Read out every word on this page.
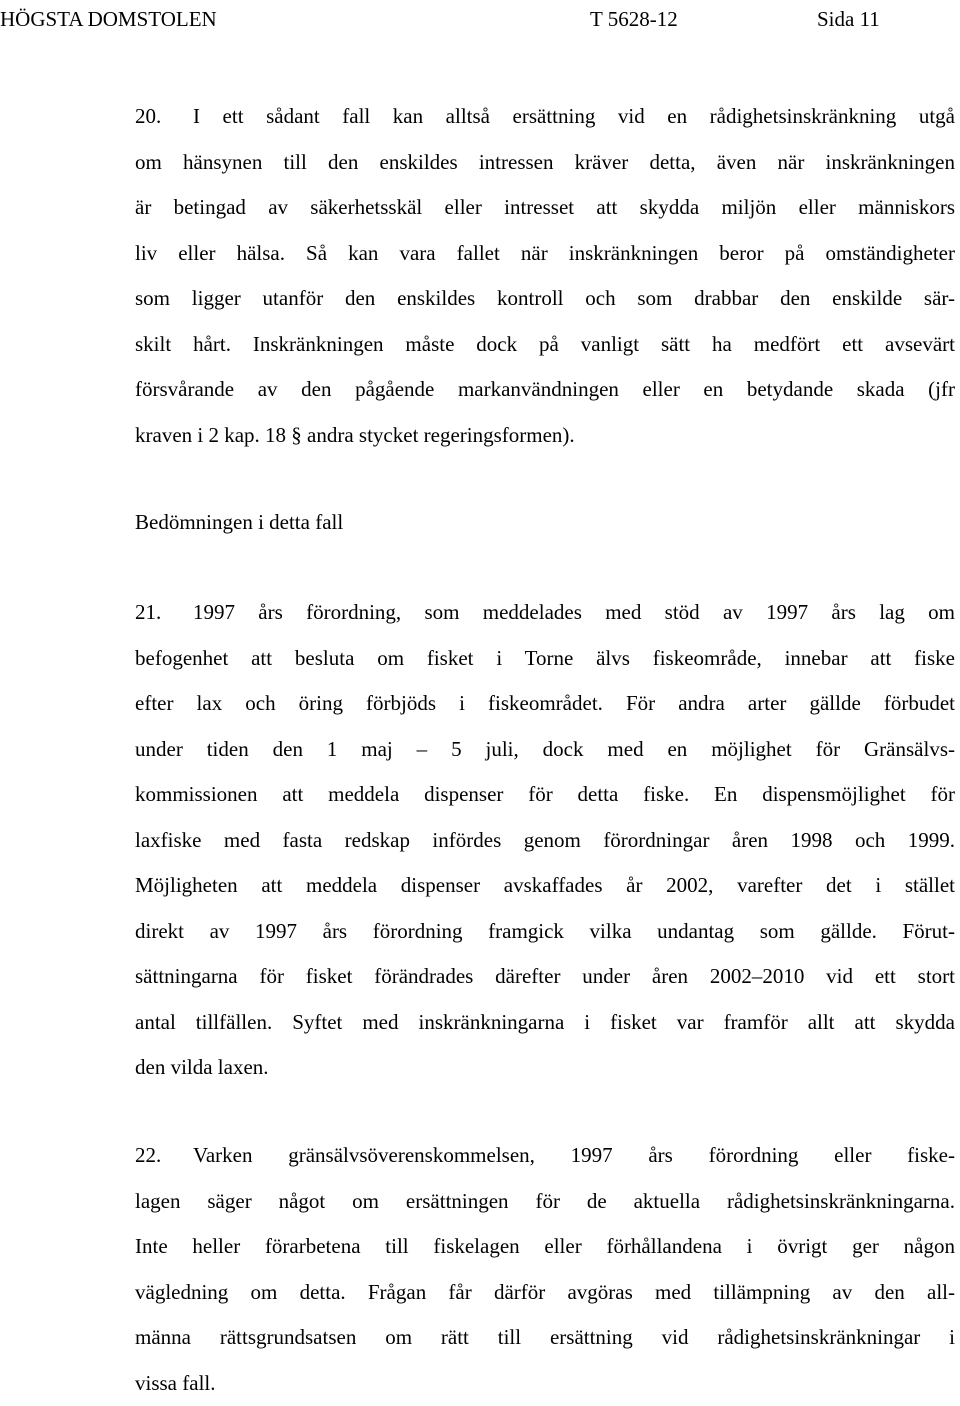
HÖGSTA DOMSTOLEN	T 5628-12	Sida 11
20. I ett sådant fall kan alltså ersättning vid en rådighetsinskränkning utgå
om hänsynen till den enskildes intressen kräver detta, även när inskränkningen
är betingad av säkerhetsskäl eller intresset att skydda miljön eller människors
liv eller hälsa. Så kan vara fallet när inskränkningen beror på omständigheter
som ligger utanför den enskildes kontroll och som drabbar den enskilde sär-
skilt hårt. Inskränkningen måste dock på vanligt sätt ha medfört ett avsevärt
försvårande av den pågående markanvändningen eller en betydande skada (jfr
kraven i 2 kap. 18 § andra stycket regeringsformen).
Bedömningen i detta fall
21. 1997 års förordning, som meddelades med stöd av 1997 års lag om
befogenhet att besluta om fisket i Torne älvs fiskeområde, innebar att fiske
efter lax och öring förbjöds i fiskeområdet. För andra arter gällde förbudet
under tiden den 1 maj – 5 juli, dock med en möjlighet för Gränsälvs-
kommissionen att meddela dispenser för detta fiske. En dispensmöjlighet för
laxfiske med fasta redskap infördes genom förordningar åren 1998 och 1999.
Möjligheten att meddela dispenser avskaffades år 2002, varefter det i stället
direkt av 1997 års förordning framgick vilka undantag som gällde. Förut-
sättningarna för fisket förändrades därefter under åren 2002–2010 vid ett stort
antal tillfällen. Syftet med inskränkningarna i fisket var framför allt att skydda
den vilda laxen.
22. Varken gränsälvsöverenskommelsen, 1997 års förordning eller fiske-
lagen säger något om ersättningen för de aktuella rådighetsinskränkningarna.
Inte heller förarbetena till fiskelagen eller förhållandena i övrigt ger någon
vägledning om detta. Frågan får därför avgöras med tillämpning av den all-
männa rättsgrundsatsen om rätt till ersättning vid rådighetsinskränkningar i
vissa fall.
